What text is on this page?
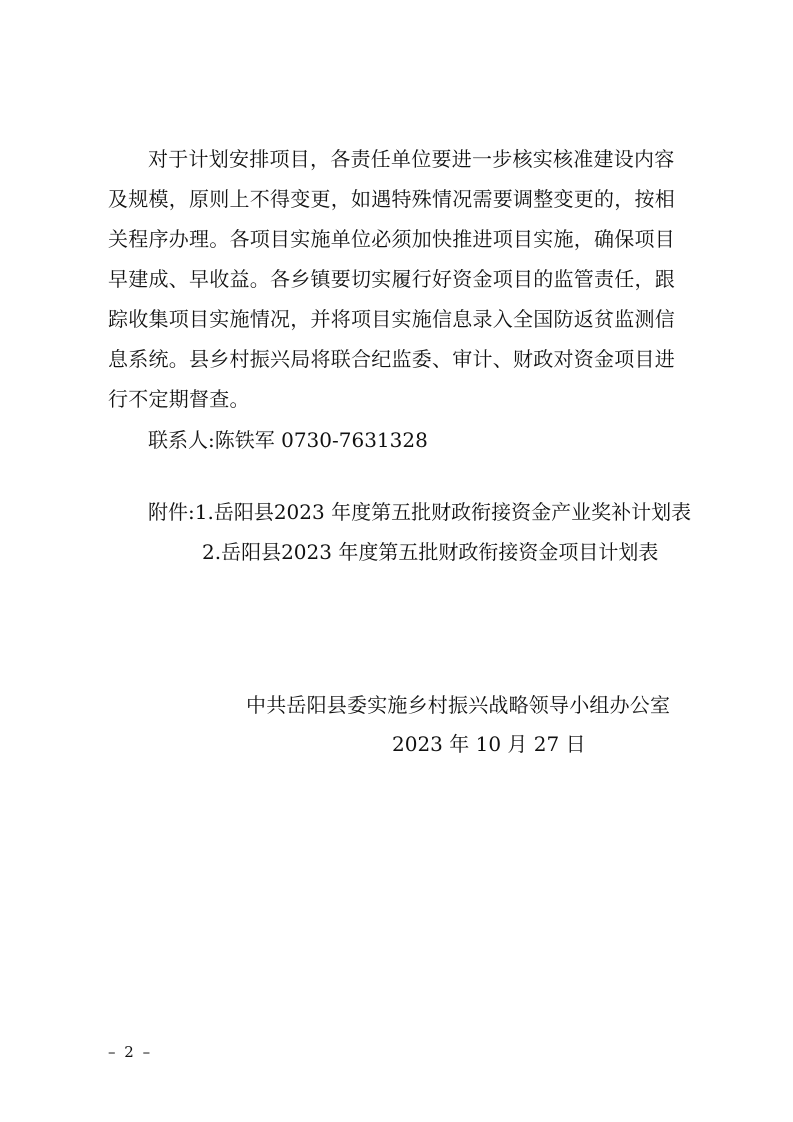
对于计划安排项目，各责任单位要进一步核实核准建设内容
及规模，原则上不得变更，如遇特殊情况需要调整变更的，按相
关程序办理。各项目实施单位必须加快推进项目实施，确保项目
早建成、早收益。各乡镇要切实履行好资金项目的监管责任，跟
踪收集项目实施情况，并将项目实施信息录入全国防返贫监测信
息系统。县乡村振兴局将联合纪监委、审计、财政对资金项目进
行不定期督查。
联系人:陈铁军 0730-7631328
附件:1.岳阳县2023 年度第五批财政衔接资金产业奖补计划表
2.岳阳县2023 年度第五批财政衔接资金项目计划表
中共岳阳县委实施乡村振兴战略领导小组办公室
2023 年 10 月 27 日
– 2 –
